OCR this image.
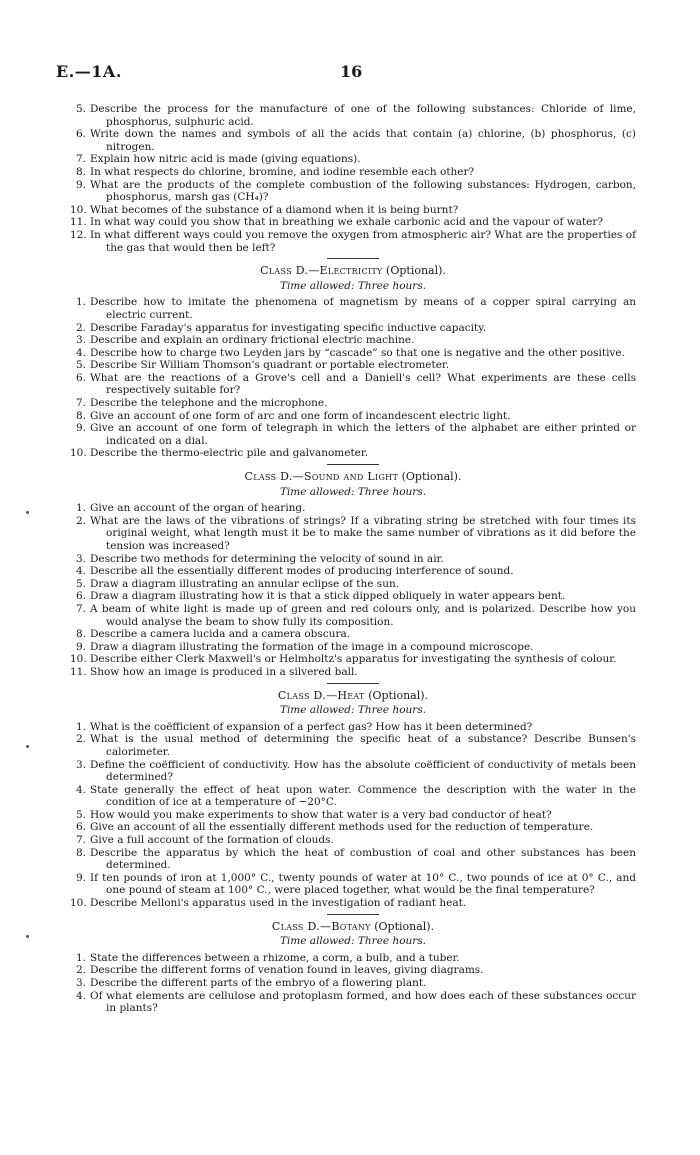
E.—1A.	16
5. Describe the process for the manufacture of one of the following substances: Chloride of lime, phosphorus, sulphuric acid.
6. Write down the names and symbols of all the acids that contain (a) chlorine, (b) phosphorus, (c) nitrogen.
7. Explain how nitric acid is made (giving equations).
8. In what respects do chlorine, bromine, and iodine resemble each other?
9. What are the products of the complete combustion of the following substances: Hydrogen, carbon, phosphorus, marsh gas (CH₄)?
10. What becomes of the substance of a diamond when it is being burnt?
11. In what way could you show that in breathing we exhale carbonic acid and the vapour of water?
12. In what different ways could you remove the oxygen from atmospheric air? What are the properties of the gas that would then be left?
Class D.—Electricity (Optional).
Time allowed: Three hours.
1. Describe how to imitate the phenomena of magnetism by means of a copper spiral carrying an electric current.
2. Describe Faraday's apparatus for investigating specific inductive capacity.
3. Describe and explain an ordinary frictional electric machine.
4. Describe how to charge two Leyden jars by “cascade” so that one is negative and the other positive.
5. Describe Sir William Thomson's quadrant or portable electrometer.
6. What are the reactions of a Grove's cell and a Daniell's cell? What experiments are these cells respectively suitable for?
7. Describe the telephone and the microphone.
8. Give an account of one form of arc and one form of incandescent electric light.
9. Give an account of one form of telegraph in which the letters of the alphabet are either printed or indicated on a dial.
10. Describe the thermo-electric pile and galvanometer.
Class D.—Sound and Light (Optional).
Time allowed: Three hours.
1. Give an account of the organ of hearing.
2. What are the laws of the vibrations of strings? If a vibrating string be stretched with four times its original weight, what length must it be to make the same number of vibrations as it did before the tension was increased?
3. Describe two methods for determining the velocity of sound in air.
4. Describe all the essentially different modes of producing interference of sound.
5. Draw a diagram illustrating an annular eclipse of the sun.
6. Draw a diagram illustrating how it is that a stick dipped obliquely in water appears bent.
7. A beam of white light is made up of green and red colours only, and is polarized. Describe how you would analyse the beam to show fully its composition.
8. Describe a camera lucida and a camera obscura.
9. Draw a diagram illustrating the formation of the image in a compound microscope.
10. Describe either Clerk Maxwell's or Helmholtz's apparatus for investigating the synthesis of colour.
11. Show how an image is produced in a silvered ball.
Class D.—Heat (Optional).
Time allowed: Three hours.
1. What is the coëfficient of expansion of a perfect gas? How has it been determined?
2. What is the usual method of determining the specific heat of a substance? Describe Bunsen's calorimeter.
3. Define the coëfficient of conductivity. How has the absolute coëfficient of conductivity of metals been determined?
4. State generally the effect of heat upon water. Commence the description with the water in the condition of ice at a temperature of −20°C.
5. How would you make experiments to show that water is a very bad conductor of heat?
6. Give an account of all the essentially different methods used for the reduction of temperature.
7. Give a full account of the formation of clouds.
8. Describe the apparatus by which the heat of combustion of coal and other substances has been determined.
9. If ten pounds of iron at 1,000° C., twenty pounds of water at 10° C., two pounds of ice at 0° C., and one pound of steam at 100° C., were placed together, what would be the final temperature?
10. Describe Melloni's apparatus used in the investigation of radiant heat.
Class D.—Botany (Optional).
Time allowed: Three hours.
1. State the differences between a rhizome, a corm, a bulb, and a tuber.
2. Describe the different forms of venation found in leaves, giving diagrams.
3. Describe the different parts of the embryo of a flowering plant.
4. Of what elements are cellulose and protoplasm formed, and how does each of these substances occur in plants?
